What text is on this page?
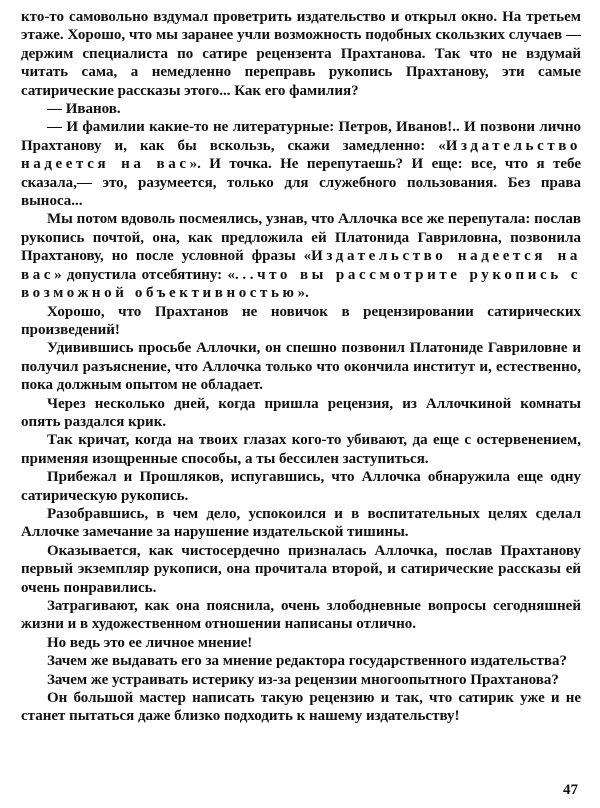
кто-то самовольно вздумал проветрить издательство и открыл окно. На третьем этаже. Хорошо, что мы заранее учли возможность подобных скользких случаев — держим специалиста по сатире рецензента Прахтанова. Так что не вздумай читать сама, а немедленно переправь рукопись Прахтанову, эти самые сатирические рассказы этого... Как его фамилия?

— Иванов.

— И фамилии какие-то не литературные: Петров, Иванов!.. И позвони лично Прахтанову и, как бы вскользь, скажи замедленно: «Издательство надеется на вас». И точка. Не перепутаешь? И еще: все, что я тебе сказала,— это, разумеется, только для служебного пользования. Без права выноса...

Мы потом вдоволь посмеялись, узнав, что Аллочка все же перепутала: послав рукопись почтой, она, как предложила ей Платонида Гавриловна, позвонила Прахтанову, но после условной фразы «Издательство надеется на вас» допустила отсебятину: «...что вы рассмотрите рукопись с возможной объективностью».

Хорошо, что Прахтанов не новичок в рецензировании сатирических произведений!

Удивившись просьбе Аллочки, он спешно позвонил Платониде Гавриловне и получил разъяснение, что Аллочка только что окончила институт и, естественно, пока должным опытом не обладает.

Через несколько дней, когда пришла рецензия, из Аллочкиной комнаты опять раздался крик.

Так кричат, когда на твоих глазах кого-то убивают, да еще с остервенением, применяя изощренные способы, а ты бессилен заступиться.

Прибежал и Прошляков, испугавшись, что Аллочка обнаружила еще одну сатирическую рукопись.

Разобравшись, в чем дело, успокоился и в воспитательных целях сделал Аллочке замечание за нарушение издательской тишины.

Оказывается, как чистосердечно призналась Аллочка, послав Прахтанову первый экземпляр рукописи, она прочитала второй, и сатирические рассказы ей очень понравились.

Затрагивают, как она пояснила, очень злободневные вопросы сегодняшней жизни и в художественном отношении написаны отлично.

Но ведь это ее личное мнение!

Зачем же выдавать его за мнение редактора государственного издательства?

Зачем же устраивать истерику из-за рецензии многоопытного Прахтанова?

Он большой мастер написать такую рецензию и так, что сатирик уже и не станет пытаться даже близко подходить к нашему издательству!

47
